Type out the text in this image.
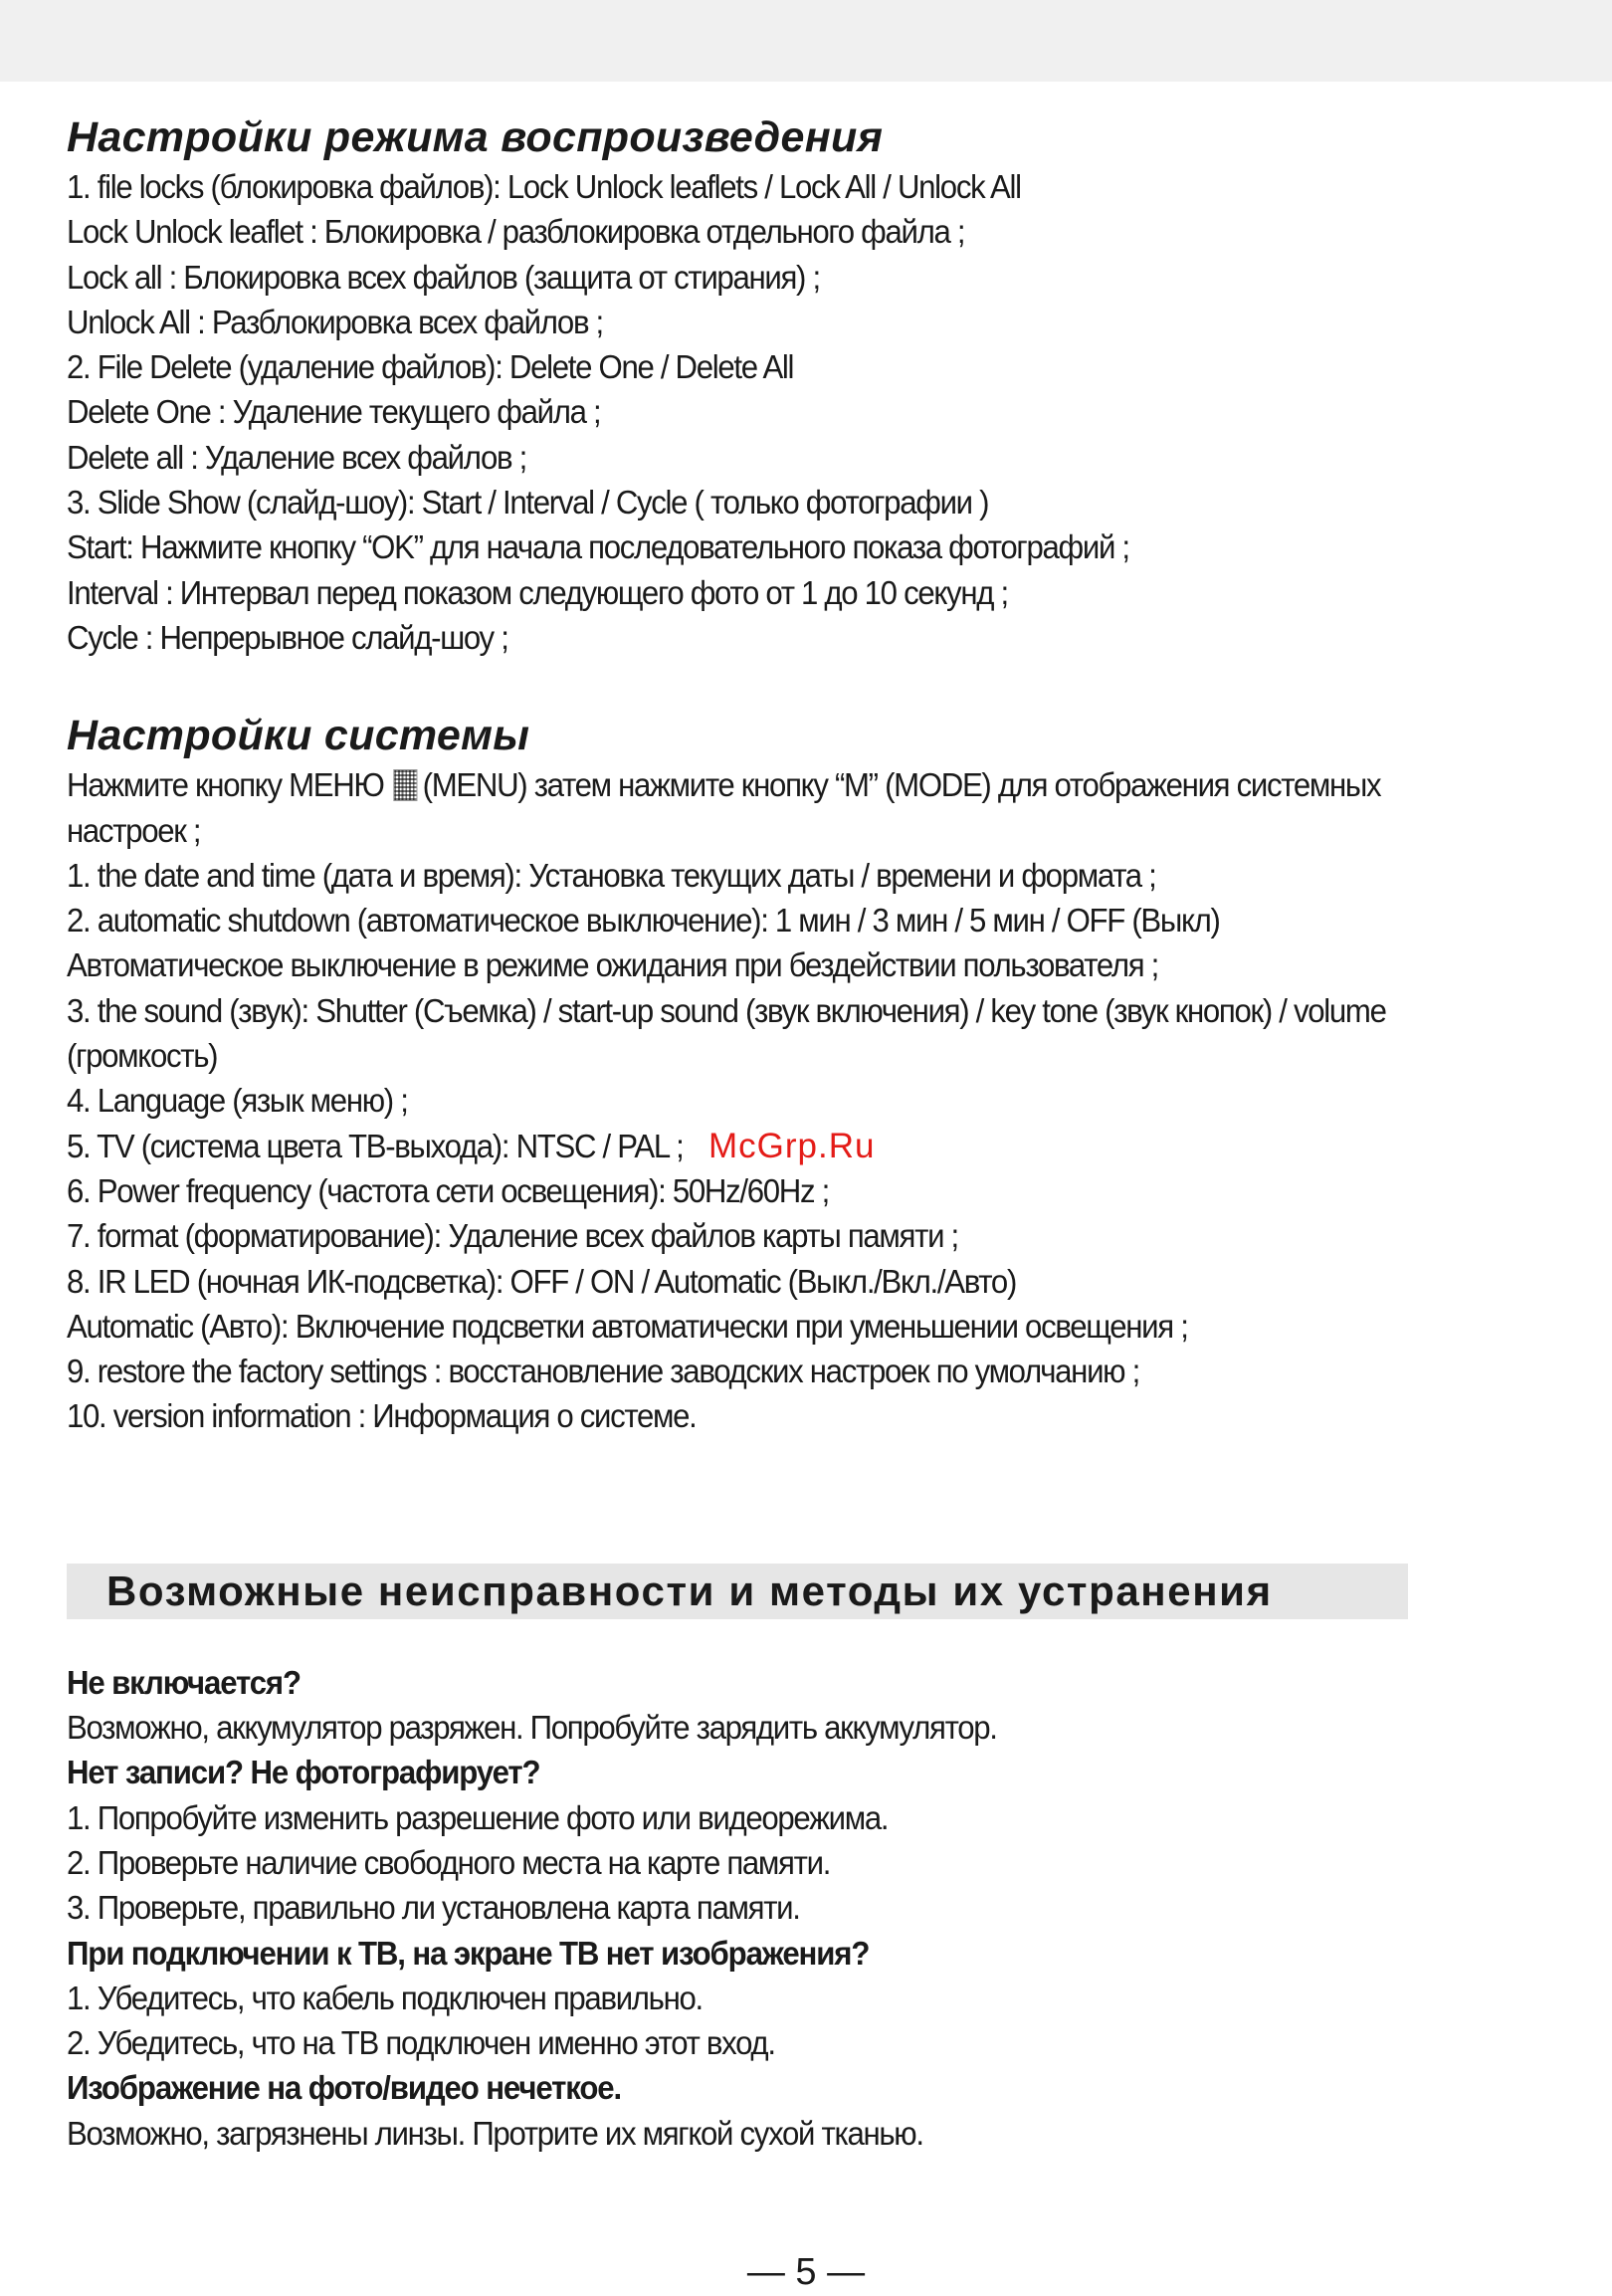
Настройки режима воспроизведения
1. file locks (блокировка файлов): Lock Unlock leaflets / Lock All / Unlock All
Lock Unlock leaflet : Блокировка / разблокировка отдельного файла ;
Lock all : Блокировка всех файлов (защита от стирания) ;
Unlock All : Разблокировка всех файлов ;
2. File Delete (удаление файлов): Delete One / Delete All
Delete One : Удаление текущего файла ;
Delete all : Удаление всех файлов ;
3. Slide Show (слайд-шоу): Start / Interval / Cycle ( только фотографии )
Start: Нажмите кнопку “OK” для начала последовательного показа фотографий ;
Interval : Интервал перед показом следующего фото от 1 до 10 секунд ;
Cycle : Непрерывное слайд-шоу ;
Настройки системы
Нажмите кнопку МЕНЮ (MENU) затем нажмите кнопку “M” (MODE) для отображения системных
настроек ;
1. the date and time (дата и время): Установка текущих даты / времени и формата ;
2. automatic shutdown (автоматическое выключение): 1 мин / 3 мин / 5 мин / OFF (Выкл)
Автоматическое выключение в режиме ожидания при бездействии пользователя ;
3. the sound (звук): Shutter (Съемка) / start-up sound (звук включения) / key tone (звук кнопок) / volume
(громкость)
4. Language (язык меню) ;
5. TV (система цвета ТВ-выхода): NTSC / PAL ;
6. Power frequency (частота сети освещения): 50Hz/60Hz ;
7. format (форматирование): Удаление всех файлов карты памяти ;
8. IR LED (ночная ИК-подсветка): OFF / ON / Automatic (Выкл./Вкл./Авто)
Automatic (Авто): Включение подсветки автоматически при уменьшении освещения ;
9. restore the factory settings : восстановление заводских настроек по умолчанию ;
10. version information : Информация о системе.
Возможные неисправности и методы их устранения
Не включается?
Возможно, аккумулятор разряжен. Попробуйте зарядить аккумулятор.
Нет записи? Не фотографирует?
1. Попробуйте изменить разрешение фото или видеорежима.
2. Проверьте наличие свободного места на карте памяти.
3. Проверьте, правильно ли установлена карта памяти.
При подключении к ТВ, на экране ТВ нет изображения?
1. Убедитесь, что кабель подключен правильно.
2. Убедитесь, что на ТВ подключен именно этот вход.
Изображение на фото/видео нечеткое.
Возможно, загрязнены линзы. Протрите их мягкой сухой тканью.
McGrp.Ru
— 5 —
